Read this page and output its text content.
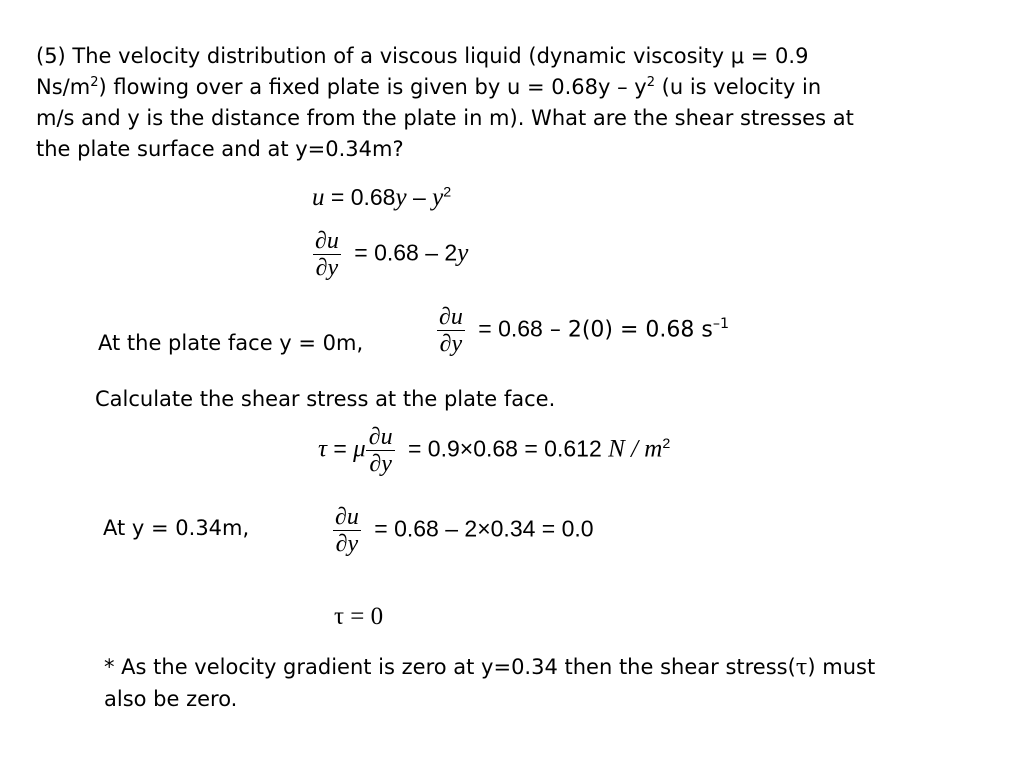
(5) The velocity distribution of a viscous liquid (dynamic viscosity μ = 0.9
$Ns/m^2$) flowing over a fixed plate is given by $u = 0.68y - y^2$ (u is velocity in
m/s and y is the distance from the plate in m). What are the shear stresses at
the plate surface and at y=0.34m?
$u = 0.68y - y^2$
$\frac{\partial u}{\partial y} = 0.68 - 2y$
At the plate face y = 0m,	$\frac{\partial u}{\partial y} = 0.68 - 2(0) = 0.68$ $s^{-1}$
Calculate the shear stress at the plate face.
τ = μ $\frac{\partial u}{\partial y} = 0.9\times 0.68 = 0.612$ N / $m^2$
At y = 0.34m,	$\frac{\partial u}{\partial y} = 0.68 - 2\times 0.34 = 0.0$
τ = 0
* As the velocity gradient is zero at y=0.34 then the shear stress(τ) must
also be zero.
